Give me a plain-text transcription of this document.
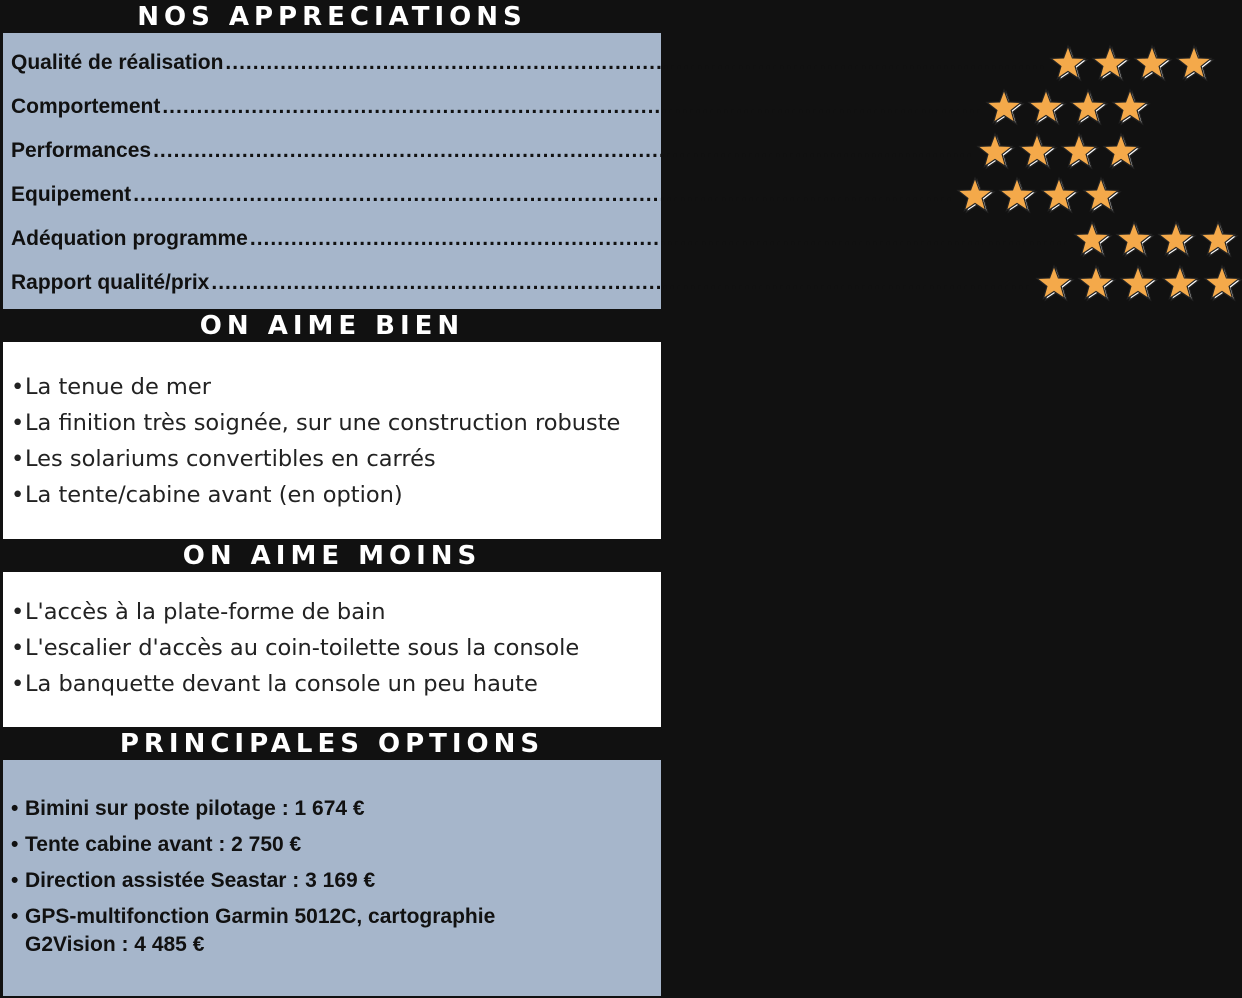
NOS APPRECIATIONS
Qualité de réalisation ........................................................................................................................
Comportement ........................................................................................................................
Performances ........................................................................................................................
Equipement ........................................................................................................................
Adéquation programme ........................................................................................................................
Rapport qualité/prix ........................................................................................................................
ON AIME BIEN
•La tenue de mer
•La finition très soignée, sur une construction robuste
•Les solariums convertibles en carrés
•La tente/cabine avant (en option)
ON AIME MOINS
•L'accès à la plate-forme de bain
•L'escalier d'accès au coin-toilette sous la console
•La banquette devant la console un peu haute
PRINCIPALES OPTIONS
• Bimini sur poste pilotage : 1 674 €
• Tente cabine avant : 2 750 €
• Direction assistée Seastar : 3 169 €
• GPS-multifonction Garmin 5012C, cartographie
G2Vision : 4 485 €
